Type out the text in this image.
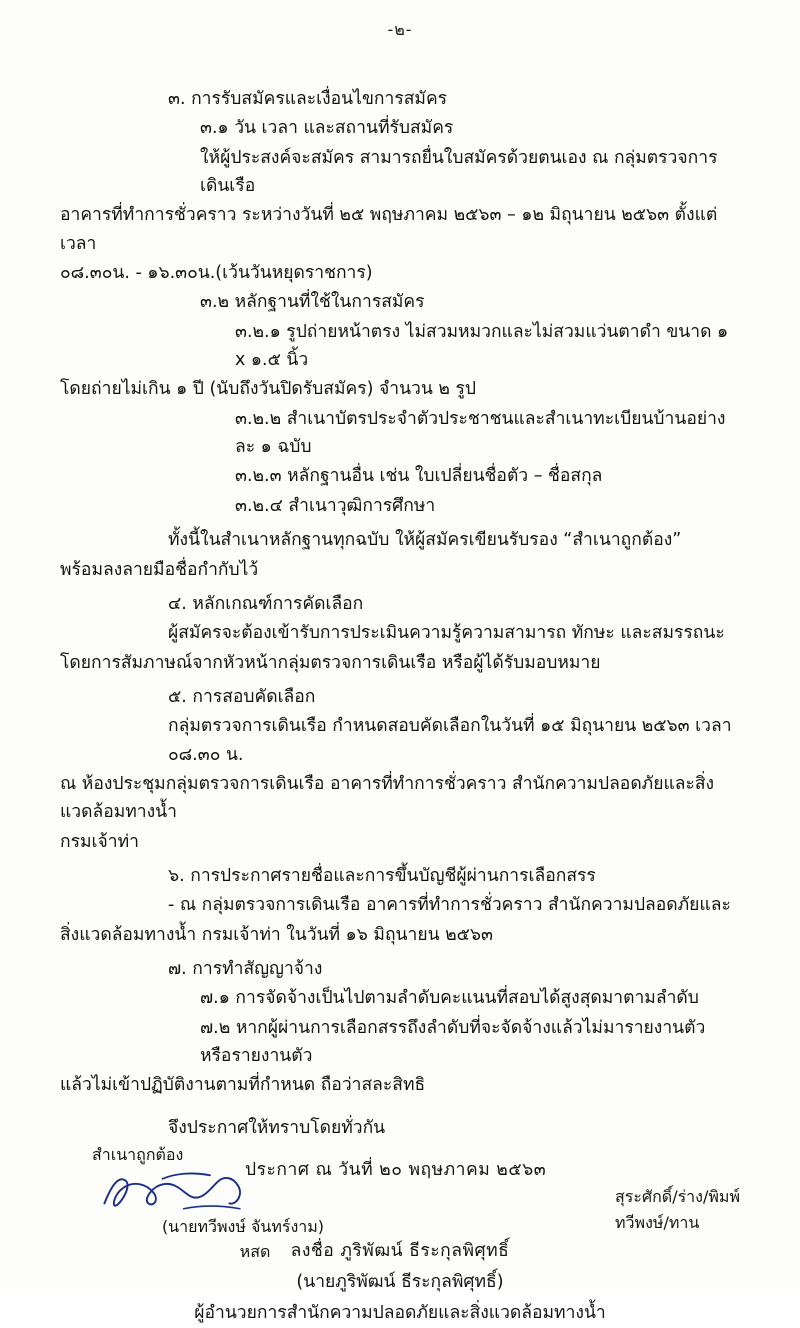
-๒-
๓. การรับสมัครและเงื่อนไขการสมัคร
๓.๑ วัน เวลา และสถานที่รับสมัคร
ให้ผู้ประสงค์จะสมัคร สามารถยื่นใบสมัครด้วยตนเอง ณ กลุ่มตรวจการเดินเรือ
อาคารที่ทำการชั่วคราว ระหว่างวันที่ ๒๕ พฤษภาคม ๒๕๖๓ – ๑๒ มิถุนายน ๒๕๖๓ ตั้งแต่เวลา
๐๘.๓๐น. - ๑๖.๓๐น.(เว้นวันหยุดราชการ)
๓.๒ หลักฐานที่ใช้ในการสมัคร
๓.๒.๑ รูปถ่ายหน้าตรง ไม่สวมหมวกและไม่สวมแว่นตาดำ ขนาด ๑ x ๑.๕ นิ้ว
โดยถ่ายไม่เกิน ๑ ปี (นับถึงวันปิดรับสมัคร) จำนวน ๒ รูป
๓.๒.๒ สำเนาบัตรประจำตัวประชาชนและสำเนาทะเบียนบ้านอย่างละ ๑ ฉบับ
๓.๒.๓ หลักฐานอื่น เช่น ใบเปลี่ยนชื่อตัว – ชื่อสกุล
๓.๒.๔ สำเนาวุฒิการศึกษา
ทั้งนี้ในสำเนาหลักฐานทุกฉบับ ให้ผู้สมัครเขียนรับรอง “สำเนาถูกต้อง”
พร้อมลงลายมือชื่อกำกับไว้
๔. หลักเกณฑ์การคัดเลือก
ผู้สมัครจะต้องเข้ารับการประเมินความรู้ความสามารถ ทักษะ และสมรรถนะ
โดยการสัมภาษณ์จากหัวหน้ากลุ่มตรวจการเดินเรือ หรือผู้ได้รับมอบหมาย
๕. การสอบคัดเลือก
กลุ่มตรวจการเดินเรือ กำหนดสอบคัดเลือกในวันที่ ๑๕ มิถุนายน ๒๕๖๓ เวลา ๐๘.๓๐ น.
ณ ห้องประชุมกลุ่มตรวจการเดินเรือ อาคารที่ทำการชั่วคราว สำนักความปลอดภัยและสิ่งแวดล้อมทางน้ำ
กรมเจ้าท่า
๖. การประกาศรายชื่อและการขึ้นบัญชีผู้ผ่านการเลือกสรร
- ณ กลุ่มตรวจการเดินเรือ อาคารที่ทำการชั่วคราว สำนักความปลอดภัยและ
สิ่งแวดล้อมทางน้ำ กรมเจ้าท่า ในวันที่ ๑๖ มิถุนายน ๒๕๖๓
๗. การทำสัญญาจ้าง
๗.๑ การจัดจ้างเป็นไปตามลำดับคะแนนที่สอบได้สูงสุดมาตามลำดับ
๗.๒ หากผู้ผ่านการเลือกสรรถึงลำดับที่จะจัดจ้างแล้วไม่มารายงานตัว หรือรายงานตัว
แล้วไม่เข้าปฏิบัติงานตามที่กำหนด ถือว่าสละสิทธิ
จึงประกาศให้ทราบโดยทั่วกัน
ประกาศ ณ วันที่ ๒๐ พฤษภาคม ๒๕๖๓
ลงชื่อ ภูริพัฒน์ ธีระกุลพิศุทธิ์
(นายภูริพัฒน์ ธีระกุลพิศุทธิ์)
ผู้อำนวยการสำนักความปลอดภัยและสิ่งแวดล้อมทางน้ำ
สำเนาถูกต้อง
(นายทวีพงษ์ จันทร์งาม)
หสด
สุระศักดิ์/ร่าง/พิมพ์
ทวีพงษ์/ทาน
